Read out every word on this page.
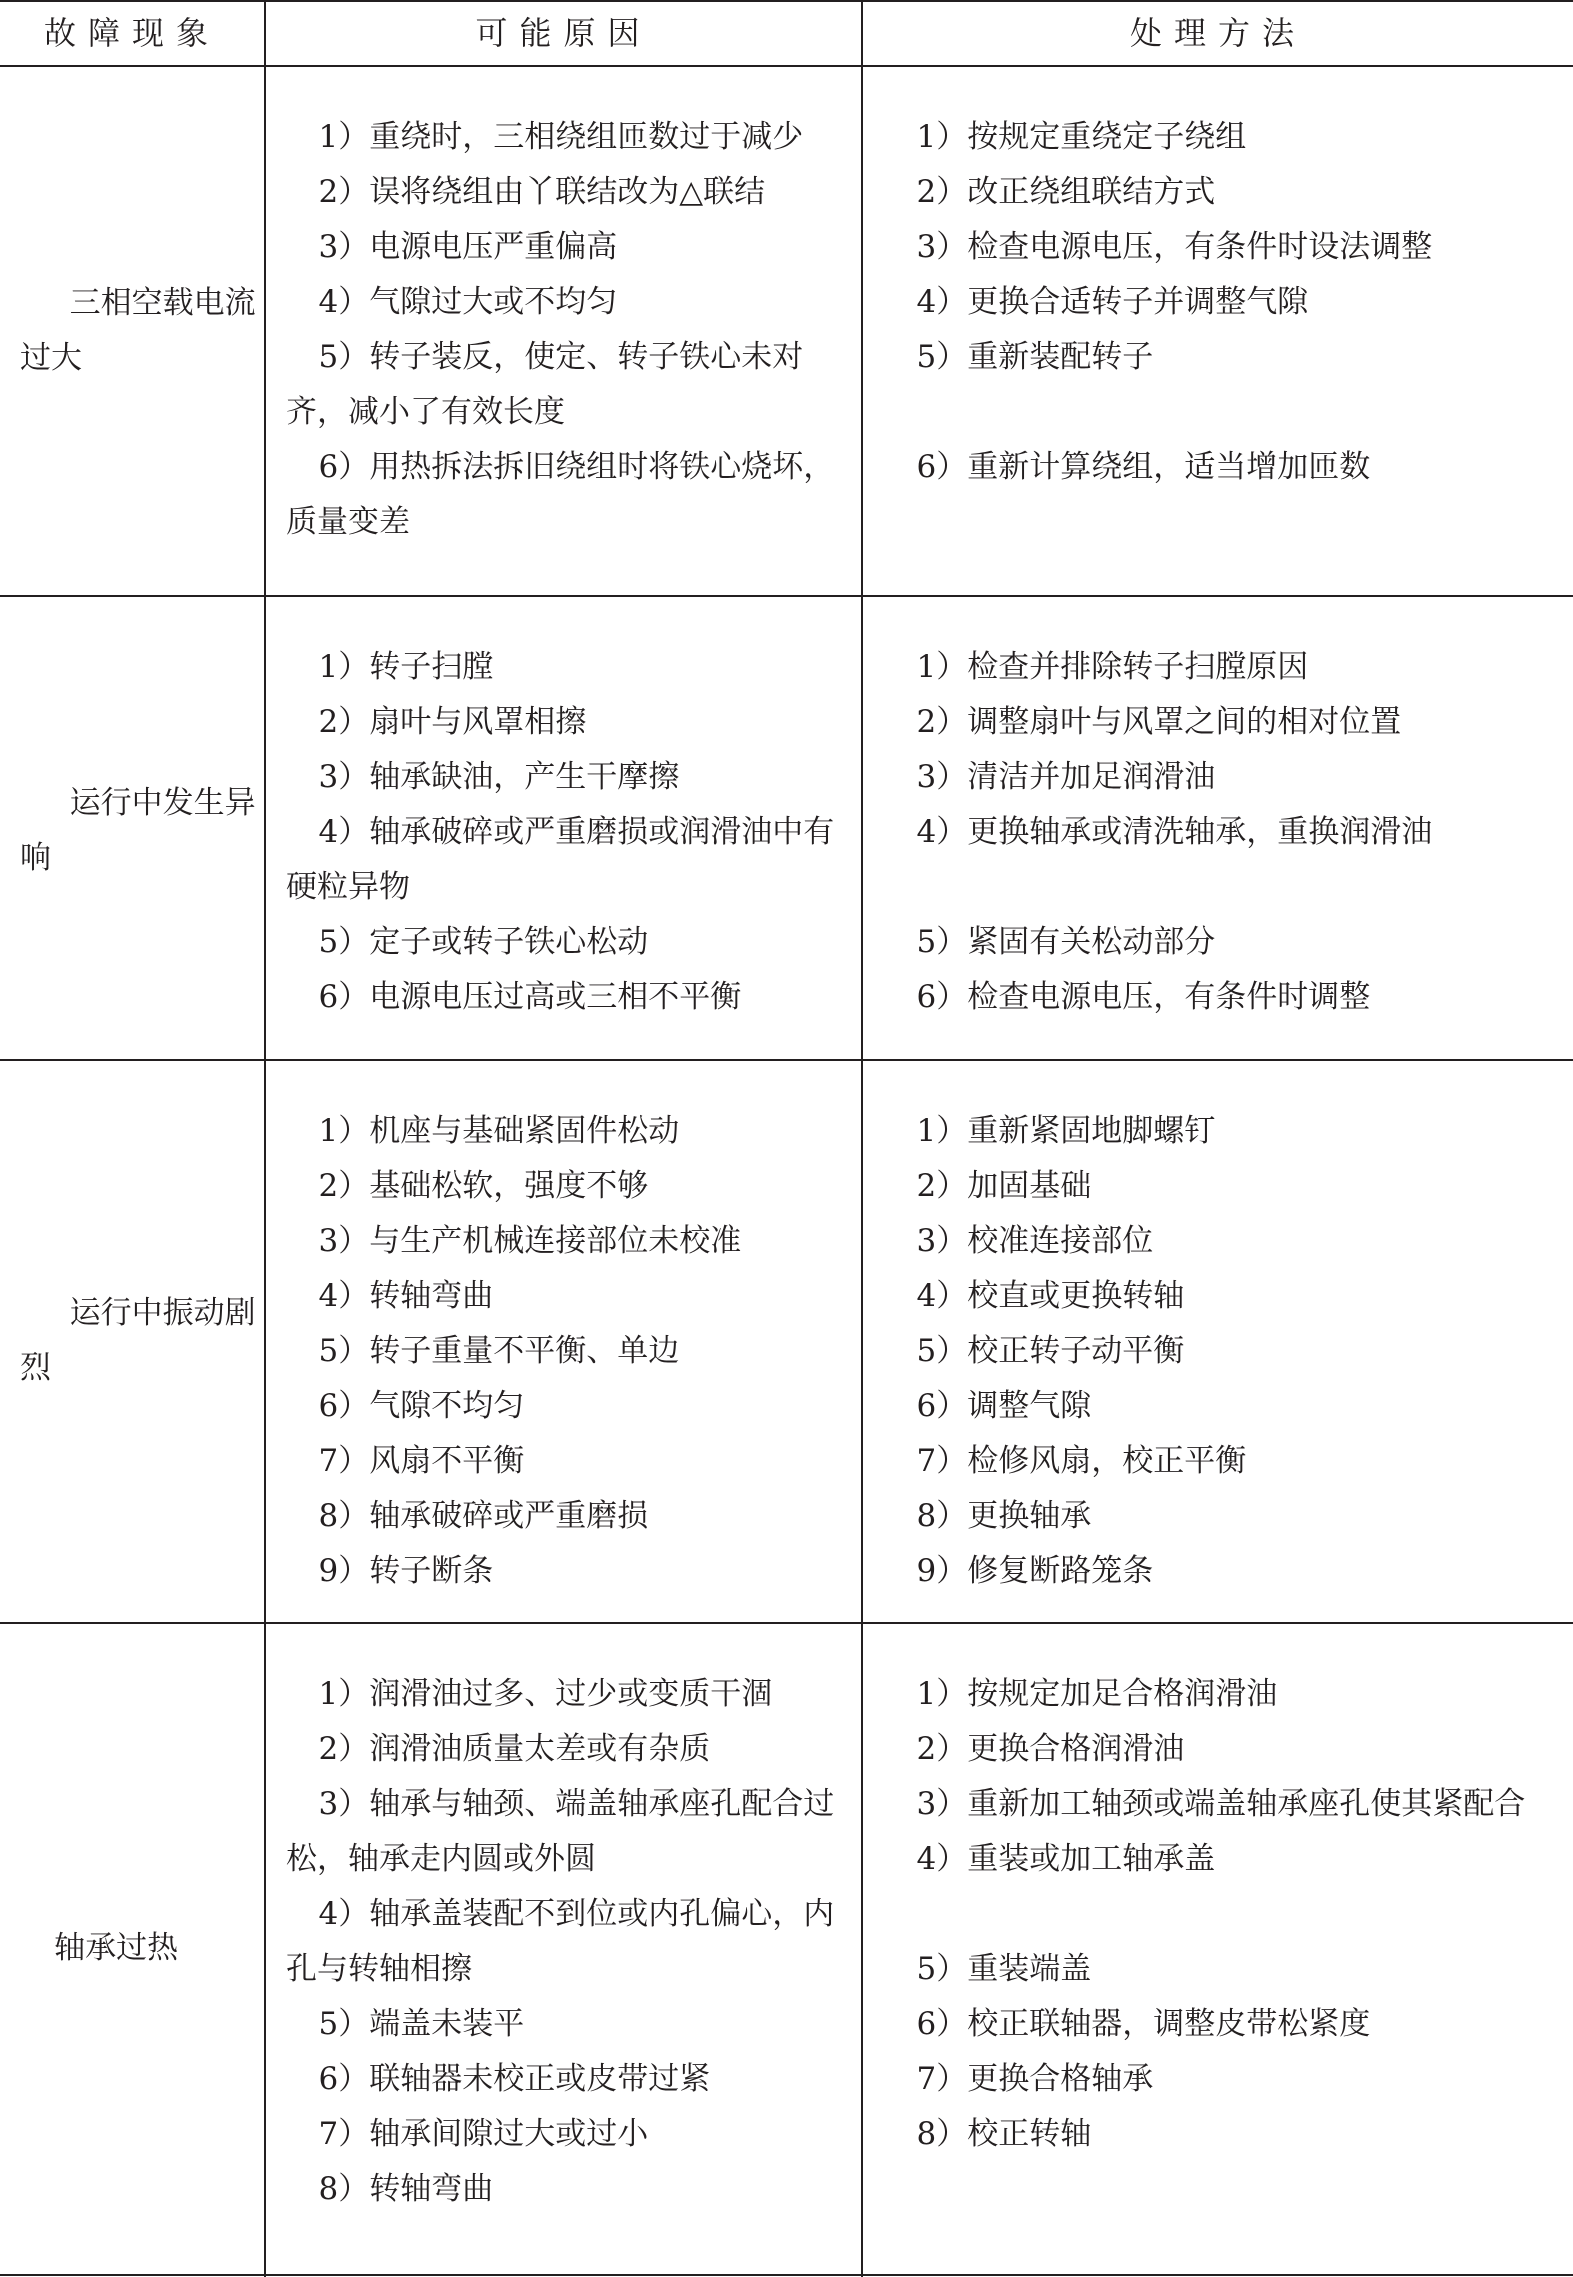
故障现象	可能原因	处理方法
三相空载电流过大
1）重绕时，三相绕组匝数过于减少
2）误将绕组由丫联结改为△联结
3）电源电压严重偏高
4）气隙过大或不均匀
5）转子装反，使定、转子铁心未对齐，减小了有效长度
6）用热拆法拆旧绕组时将铁心烧坏，质量变差
1）按规定重绕定子绕组
2）改正绕组联结方式
3）检查电源电压，有条件时设法调整
4）更换合适转子并调整气隙
5）重新装配转子
6）重新计算绕组，适当增加匝数
运行中发生异响
1）转子扫膛
2）扇叶与风罩相擦
3）轴承缺油，产生干摩擦
4）轴承破碎或严重磨损或润滑油中有硬粒异物
5）定子或转子铁心松动
6）电源电压过高或三相不平衡
1）检查并排除转子扫膛原因
2）调整扇叶与风罩之间的相对位置
3）清洁并加足润滑油
4）更换轴承或清洗轴承，重换润滑油
5）紧固有关松动部分
6）检查电源电压，有条件时调整
运行中振动剧烈
1）机座与基础紧固件松动
2）基础松软，强度不够
3）与生产机械连接部位未校准
4）转轴弯曲
5）转子重量不平衡、单边
6）气隙不均匀
7）风扇不平衡
8）轴承破碎或严重磨损
9）转子断条
1）重新紧固地脚螺钉
2）加固基础
3）校准连接部位
4）校直或更换转轴
5）校正转子动平衡
6）调整气隙
7）检修风扇，校正平衡
8）更换轴承
9）修复断路笼条
轴承过热
1）润滑油过多、过少或变质干涸
2）润滑油质量太差或有杂质
3）轴承与轴颈、端盖轴承座孔配合过松，轴承走内圆或外圆
4）轴承盖装配不到位或内孔偏心，内孔与转轴相擦
5）端盖未装平
6）联轴器未校正或皮带过紧
7）轴承间隙过大或过小
8）转轴弯曲
1）按规定加足合格润滑油
2）更换合格润滑油
3）重新加工轴颈或端盖轴承座孔使其紧配合
4）重装或加工轴承盖
5）重装端盖
6）校正联轴器，调整皮带松紧度
7）更换合格轴承
8）校正转轴
